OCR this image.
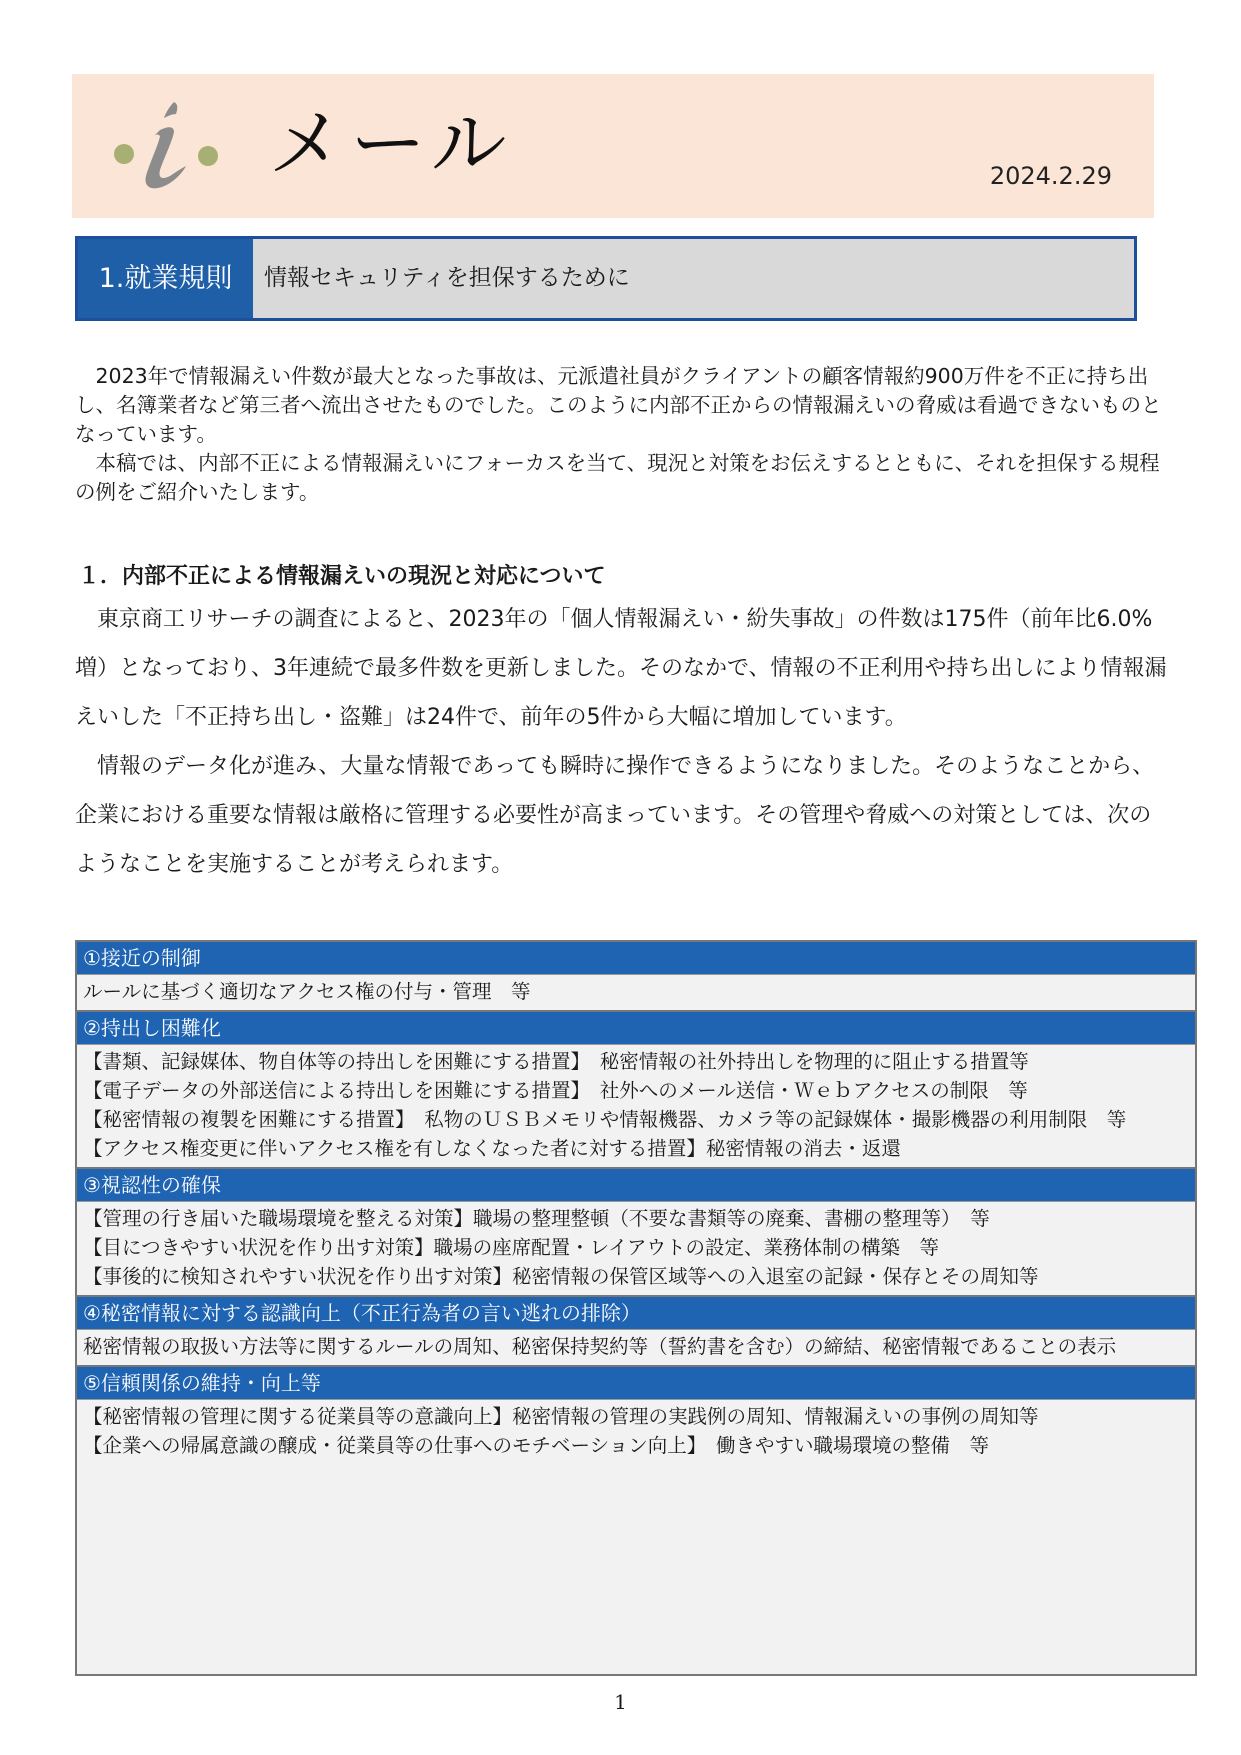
メール	2024.2.29
1.就業規則	情報セキュリティを担保するために

　2023年で情報漏えい件数が最大となった事故は、元派遣社員がクライアントの顧客情報約900万件を不正に持ち出し、名簿業者など第三者へ流出させたものでした。このように内部不正からの情報漏えいの脅威は看過できないものとなっています。

　本稿では、内部不正による情報漏えいにフォーカスを当て、現況と対策をお伝えするとともに、それを担保する規程の例をご紹介いたします。

１．内部不正による情報漏えいの現況と対応について

　東京商工リサーチの調査によると、2023年の「個人情報漏えい・紛失事故」の件数は175件（前年比6.0%増）となっており、3年連続で最多件数を更新しました。そのなかで、情報の不正利用や持ち出しにより情報漏えいした「不正持ち出し・盗難」は24件で、前年の5件から大幅に増加しています。

　情報のデータ化が進み、大量な情報であっても瞬時に操作できるようになりました。そのようなことから、企業における重要な情報は厳格に管理する必要性が高まっています。その管理や脅威への対策としては、次のようなことを実施することが考えられます。

①接近の制御
ルールに基づく適切なアクセス権の付与・管理　等
②持出し困難化
【書類、記録媒体、物自体等の持出しを困難にする措置】　秘密情報の社外持出しを物理的に阻止する措置等
【電子データの外部送信による持出しを困難にする措置】　社外へのメール送信・Ｗｅｂアクセスの制限　等
【秘密情報の複製を困難にする措置】　私物のＵＳＢメモリや情報機器、カメラ等の記録媒体・撮影機器の利用制限　等
【アクセス権変更に伴いアクセス権を有しなくなった者に対する措置】秘密情報の消去・返還
③視認性の確保
【管理の行き届いた職場環境を整える対策】職場の整理整頓（不要な書類等の廃棄、書棚の整理等）　等
【目につきやすい状況を作り出す対策】職場の座席配置・レイアウトの設定、業務体制の構築　等
【事後的に検知されやすい状況を作り出す対策】秘密情報の保管区域等への入退室の記録・保存とその周知等
④秘密情報に対する認識向上（不正行為者の言い逃れの排除）
秘密情報の取扱い方法等に関するルールの周知、秘密保持契約等（誓約書を含む）の締結、秘密情報であることの表示
⑤信頼関係の維持・向上等
【秘密情報の管理に関する従業員等の意識向上】秘密情報の管理の実践例の周知、情報漏えいの事例の周知等
【企業への帰属意識の醸成・従業員等の仕事へのモチベーション向上】　働きやすい職場環境の整備　等
1
